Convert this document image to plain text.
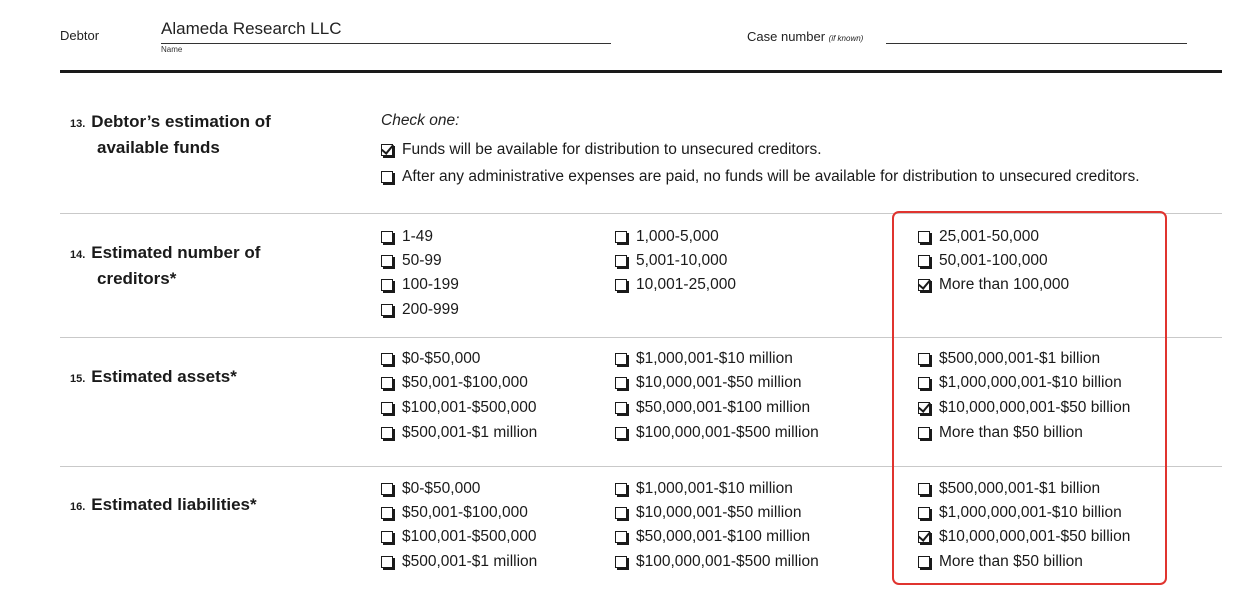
Debtor	Alameda Research LLC
Name
Case number (if known)
13. Debtor’s estimation of
available funds
Check one:
Funds will be available for distribution to unsecured creditors.
After any administrative expenses are paid, no funds will be available for distribution to unsecured creditors.
14. Estimated number of
creditors*
1-49
50-99
100-199
200-999
1,000-5,000
5,001-10,000
10,001-25,000
25,001-50,000
50,001-100,000
More than 100,000
15. Estimated assets*
$0-$50,000
$50,001-$100,000
$100,001-$500,000
$500,001-$1 million
$1,000,001-$10 million
$10,000,001-$50 million
$50,000,001-$100 million
$100,000,001-$500 million
$500,000,001-$1 billion
$1,000,000,001-$10 billion
$10,000,000,001-$50 billion
More than $50 billion
16. Estimated liabilities*
$0-$50,000
$50,001-$100,000
$100,001-$500,000
$500,001-$1 million
$1,000,001-$10 million
$10,000,001-$50 million
$50,000,001-$100 million
$100,000,001-$500 million
$500,000,001-$1 billion
$1,000,000,001-$10 billion
$10,000,000,001-$50 billion
More than $50 billion
